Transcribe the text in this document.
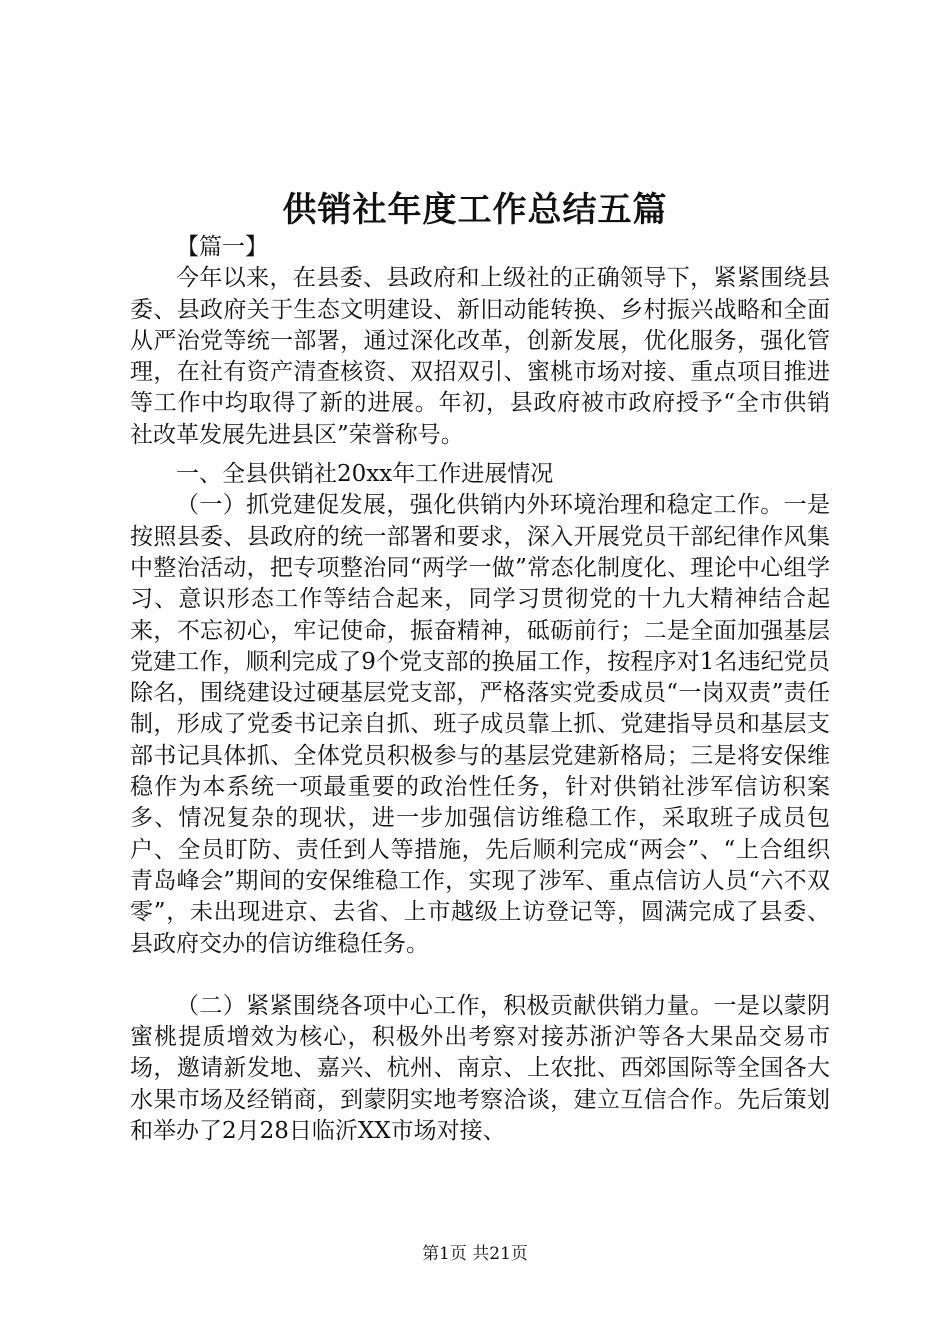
供销社年度工作总结五篇

【篇一】

今年以来，在县委、县政府和上级社的正确领导下，紧紧围绕县委、县政府关于生态文明建设、新旧动能转换、乡村振兴战略和全面从严治党等统一部署，通过深化改革，创新发展，优化服务，强化管理，在社有资产清查核资、双招双引、蜜桃市场对接、重点项目推进等工作中均取得了新的进展。年初，县政府被市政府授予“全市供销社改革发展先进县区”荣誉称号。

一、全县供销社20xx年工作进展情况

（一）抓党建促发展，强化供销内外环境治理和稳定工作。一是按照县委、县政府的统一部署和要求，深入开展党员干部纪律作风集中整治活动，把专项整治同“两学一做”常态化制度化、理论中心组学习、意识形态工作等结合起来，同学习贯彻党的十九大精神结合起来，不忘初心，牢记使命，振奋精神，砥砺前行；二是全面加强基层党建工作，顺利完成了9个党支部的换届工作，按程序对1名违纪党员除名，围绕建设过硬基层党支部，严格落实党委成员“一岗双责”责任制，形成了党委书记亲自抓、班子成员靠上抓、党建指导员和基层支部书记具体抓、全体党员积极参与的基层党建新格局；三是将安保维稳作为本系统一项最重要的政治性任务，针对供销社涉军信访积案多、情况复杂的现状，进一步加强信访维稳工作，采取班子成员包户、全员盯防、责任到人等措施，先后顺利完成“两会”、“上合组织青岛峰会”期间的安保维稳工作，实现了涉军、重点信访人员“六不双零”，未出现进京、去省、上市越级上访登记等，圆满完成了县委、县政府交办的信访维稳任务。

（二）紧紧围绕各项中心工作，积极贡献供销力量。一是以蒙阴蜜桃提质增效为核心，积极外出考察对接苏浙沪等各大果品交易市场，邀请新发地、嘉兴、杭州、南京、上农批、西郊国际等全国各大水果市场及经销商，到蒙阴实地考察洽谈，建立互信合作。先后策划和举办了2月28日临沂XX市场对接、

第1页 共21页
